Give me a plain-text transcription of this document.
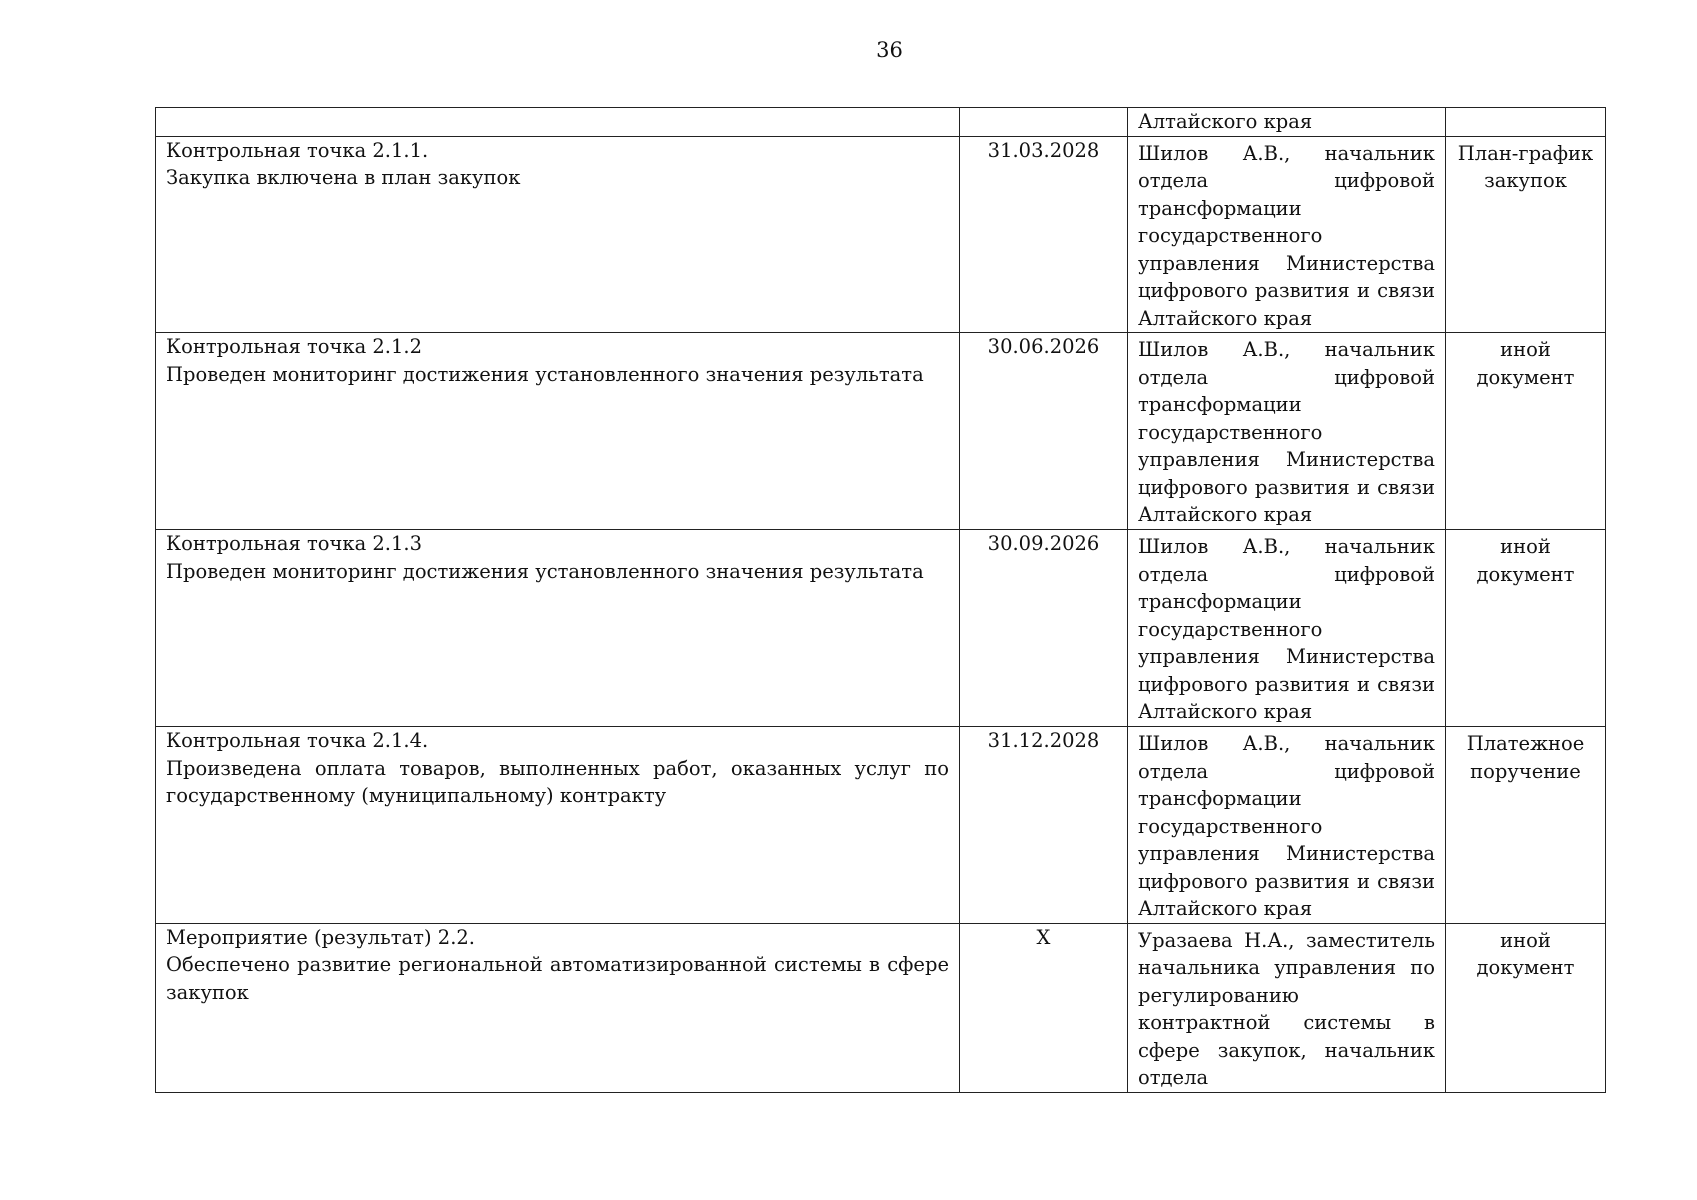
36
		Алтайского края	

Контрольная точка 2.1.1.
Закупка включена в план закупок	31.03.2028	Шилов А.В., начальник отдела цифровой трансформации государственного управления Министерства цифрового развития и связи Алтайского края	План-график закупок

Контрольная точка 2.1.2
Проведен мониторинг достижения установленного значения результата	30.06.2026	Шилов А.В., начальник отдела цифровой трансформации государственного управления Министерства цифрового развития и связи Алтайского края	иной документ

Контрольная точка 2.1.3
Проведен мониторинг достижения установленного значения результата	30.09.2026	Шилов А.В., начальник отдела цифровой трансформации государственного управления Министерства цифрового развития и связи Алтайского края	иной документ

Контрольная точка 2.1.4.
Произведена оплата товаров, выполненных работ, оказанных услуг по государственному (муниципальному) контракту	31.12.2028	Шилов А.В., начальник отдела цифровой трансформации государственного управления Министерства цифрового развития и связи Алтайского края	Платежное поручение

Мероприятие (результат) 2.2.
Обеспечено развитие региональной автоматизированной системы в сфере закупок	X	Уразаева Н.А., заместитель начальника управления по регулированию контрактной системы в сфере закупок, начальник отдела	иной документ
